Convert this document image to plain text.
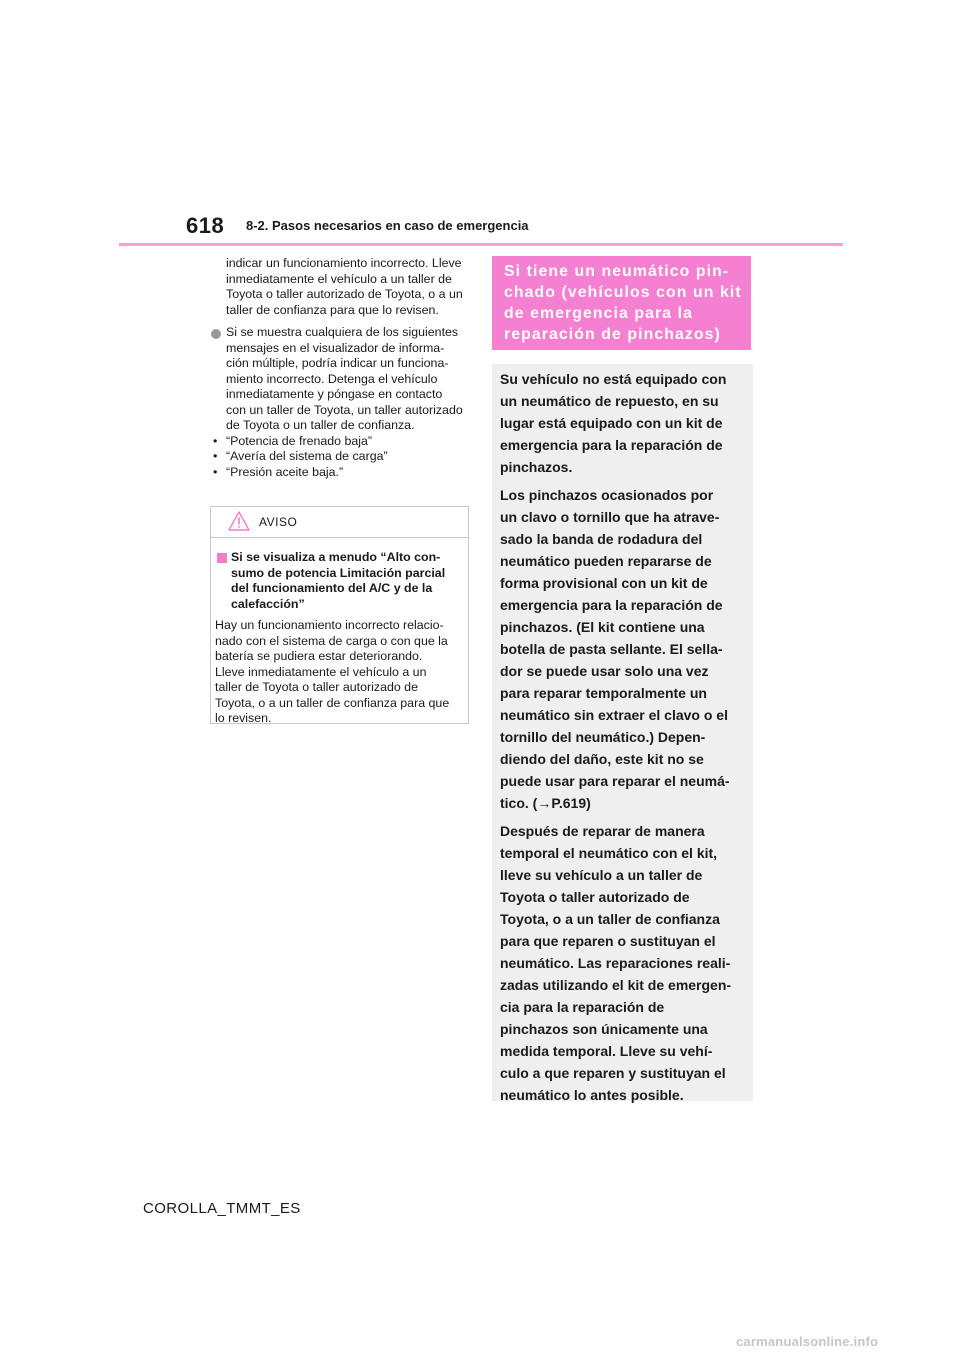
618 8-2. Pasos necesarios en caso de emergencia
indicar un funcionamiento incorrecto. Lleve
inmediatamente el vehículo a un taller de
Toyota o taller autorizado de Toyota, o a un
taller de confianza para que lo revisen.
Si se muestra cualquiera de los siguientes
mensajes en el visualizador de informa-
ción múltiple, podría indicar un funciona-
miento incorrecto. Detenga el vehículo
inmediatamente y póngase en contacto
con un taller de Toyota, un taller autorizado
de Toyota o un taller de confianza.
• “Potencia de frenado baja”
• “Avería del sistema de carga”
• “Presión aceite baja.”
AVISO
Si se visualiza a menudo “Alto con-
sumo de potencia Limitación parcial
del funcionamiento del A/C y de la
calefacción”
Hay un funcionamiento incorrecto relacio-
nado con el sistema de carga o con que la
batería se pudiera estar deteriorando.
Lleve inmediatamente el vehículo a un
taller de Toyota o taller autorizado de
Toyota, o a un taller de confianza para que
lo revisen.
Si tiene un neumático pin-
chado (vehículos con un kit
de emergencia para la
reparación de pinchazos)
Su vehículo no está equipado con
un neumático de repuesto, en su
lugar está equipado con un kit de
emergencia para la reparación de
pinchazos.
Los pinchazos ocasionados por
un clavo o tornillo que ha atrave-
sado la banda de rodadura del
neumático pueden repararse de
forma provisional con un kit de
emergencia para la reparación de
pinchazos. (El kit contiene una
botella de pasta sellante. El sella-
dor se puede usar solo una vez
para reparar temporalmente un
neumático sin extraer el clavo o el
tornillo del neumático.) Depen-
diendo del daño, este kit no se
puede usar para reparar el neumá-
tico. (→P.619)
Después de reparar de manera
temporal el neumático con el kit,
lleve su vehículo a un taller de
Toyota o taller autorizado de
Toyota, o a un taller de confianza
para que reparen o sustituyan el
neumático. Las reparaciones reali-
zadas utilizando el kit de emergen-
cia para la reparación de
pinchazos son únicamente una
medida temporal. Lleve su vehí-
culo a que reparen y sustituyan el
neumático lo antes posible.
COROLLA_TMMT_ES
carmanualsonline.info
